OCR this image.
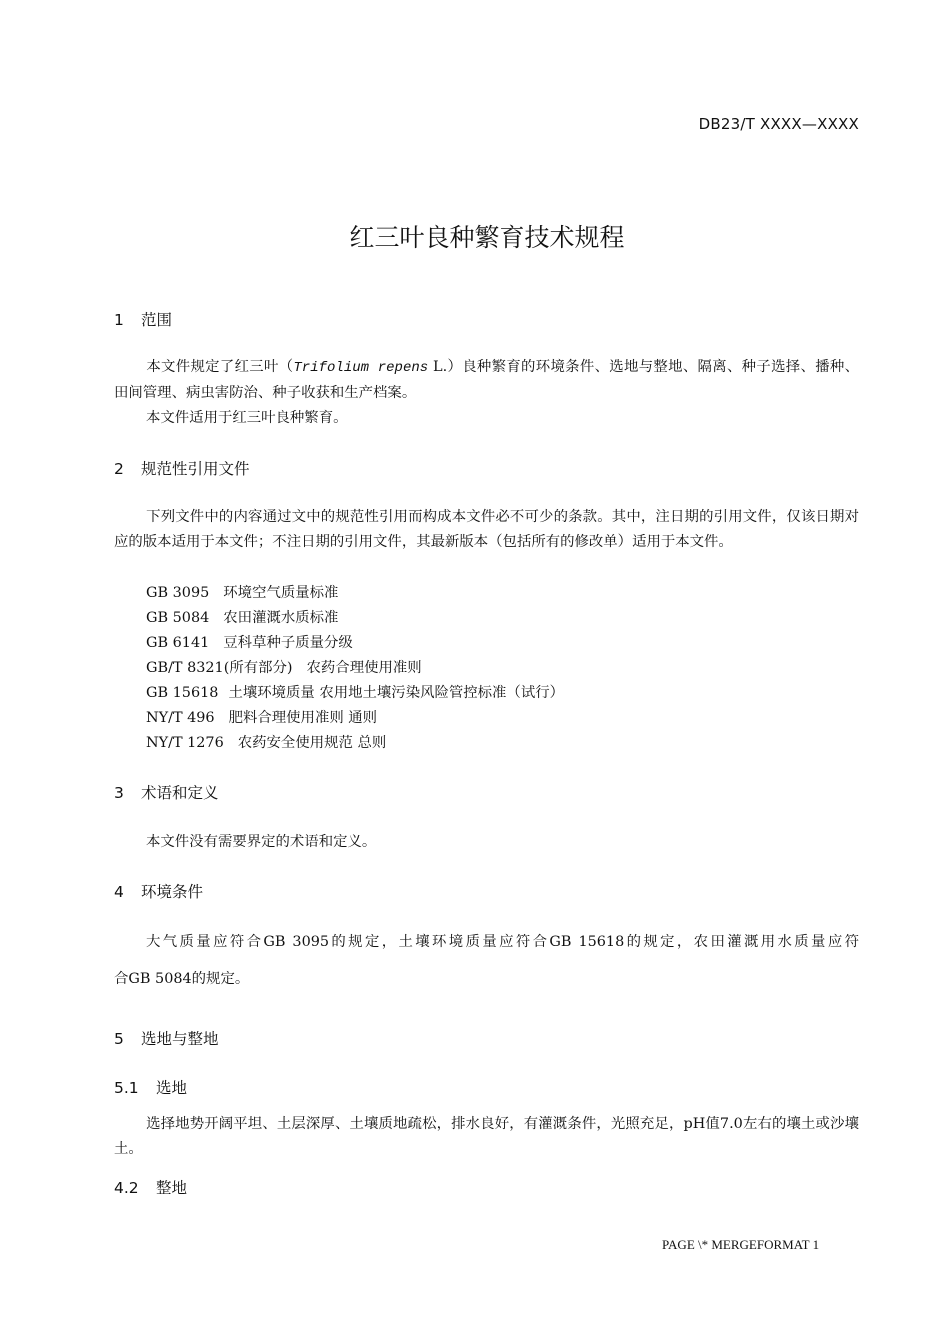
DB23/T XXXX—XXXX
红三叶良种繁育技术规程
1 范围
本文件规定了红三叶（Trifolium repens L.）良种繁育的环境条件、选地与整地、隔离、种子选择、播种、田间管理、病虫害防治、种子收获和生产档案。
本文件适用于红三叶良种繁育。
2 规范性引用文件
下列文件中的内容通过文中的规范性引用而构成本文件必不可少的条款。其中，注日期的引用文件，仅该日期对应的版本适用于本文件；不注日期的引用文件，其最新版本（包括所有的修改单）适用于本文件。
GB 3095 环境空气质量标准
GB 5084 农田灌溉水质标准
GB 6141 豆科草种子质量分级
GB/T 8321(所有部分) 农药合理使用准则
GB 15618 土壤环境质量 农用地土壤污染风险管控标准（试行）
NY/T 496 肥料合理使用准则 通则
NY/T 1276 农药安全使用规范 总则
3 术语和定义
本文件没有需要界定的术语和定义。
4 环境条件
大气质量应符合GB 3095的规定，土壤环境质量应符合GB 15618的规定，农田灌溉用水质量应符
合GB 5084的规定。
5 选地与整地
5.1 选地
选择地势开阔平坦、土层深厚、土壤质地疏松，排水良好，有灌溉条件，光照充足，pH值7.0左右的壤土或沙壤土。
4.2 整地
PAGE \* MERGEFORMAT 1
